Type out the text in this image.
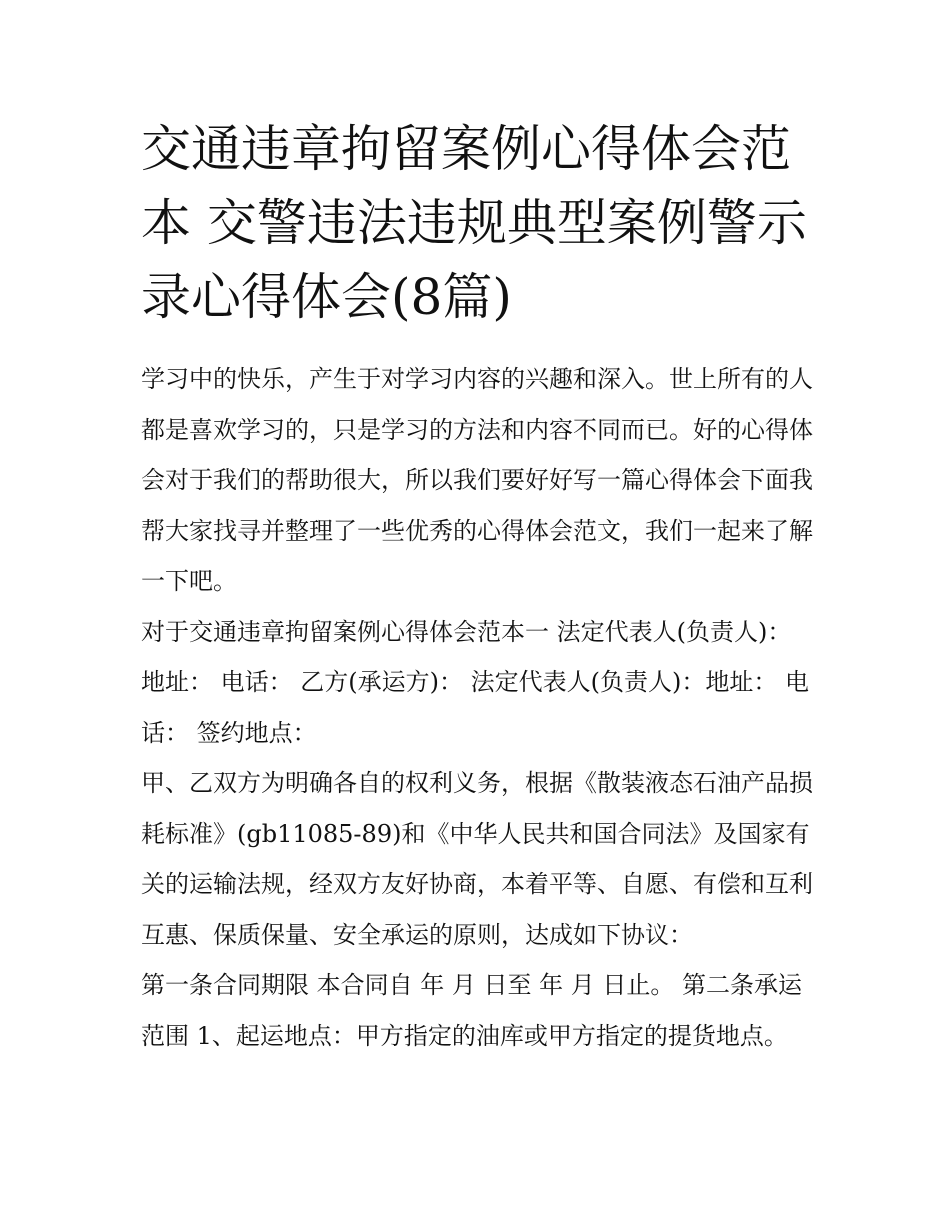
交通违章拘留案例心得体会范本 交警违法违规典型案例警示录心得体会(8篇)

学习中的快乐，产生于对学习内容的兴趣和深入。世上所有的人都是喜欢学习的，只是学习的方法和内容不同而已。好的心得体会对于我们的帮助很大，所以我们要好好写一篇心得体会下面我帮大家找寻并整理了一些优秀的心得体会范文，我们一起来了解一下吧。

对于交通违章拘留案例心得体会范本一 法定代表人(负责人)： 地址： 电话： 乙方(承运方)： 法定代表人(负责人)：地址： 电话： 签约地点：

甲、乙双方为明确各自的权利义务，根据《散装液态石油产品损耗标准》(gb11085-89)和《中华人民共和国合同法》及国家有关的运输法规，经双方友好协商，本着平等、自愿、有偿和互利互惠、保质保量、安全承运的原则，达成如下协议：

第一条合同期限 本合同自 年 月 日至 年 月 日止。 第二条承运范围 1、起运地点：甲方指定的油库或甲方指定的提货地点。
